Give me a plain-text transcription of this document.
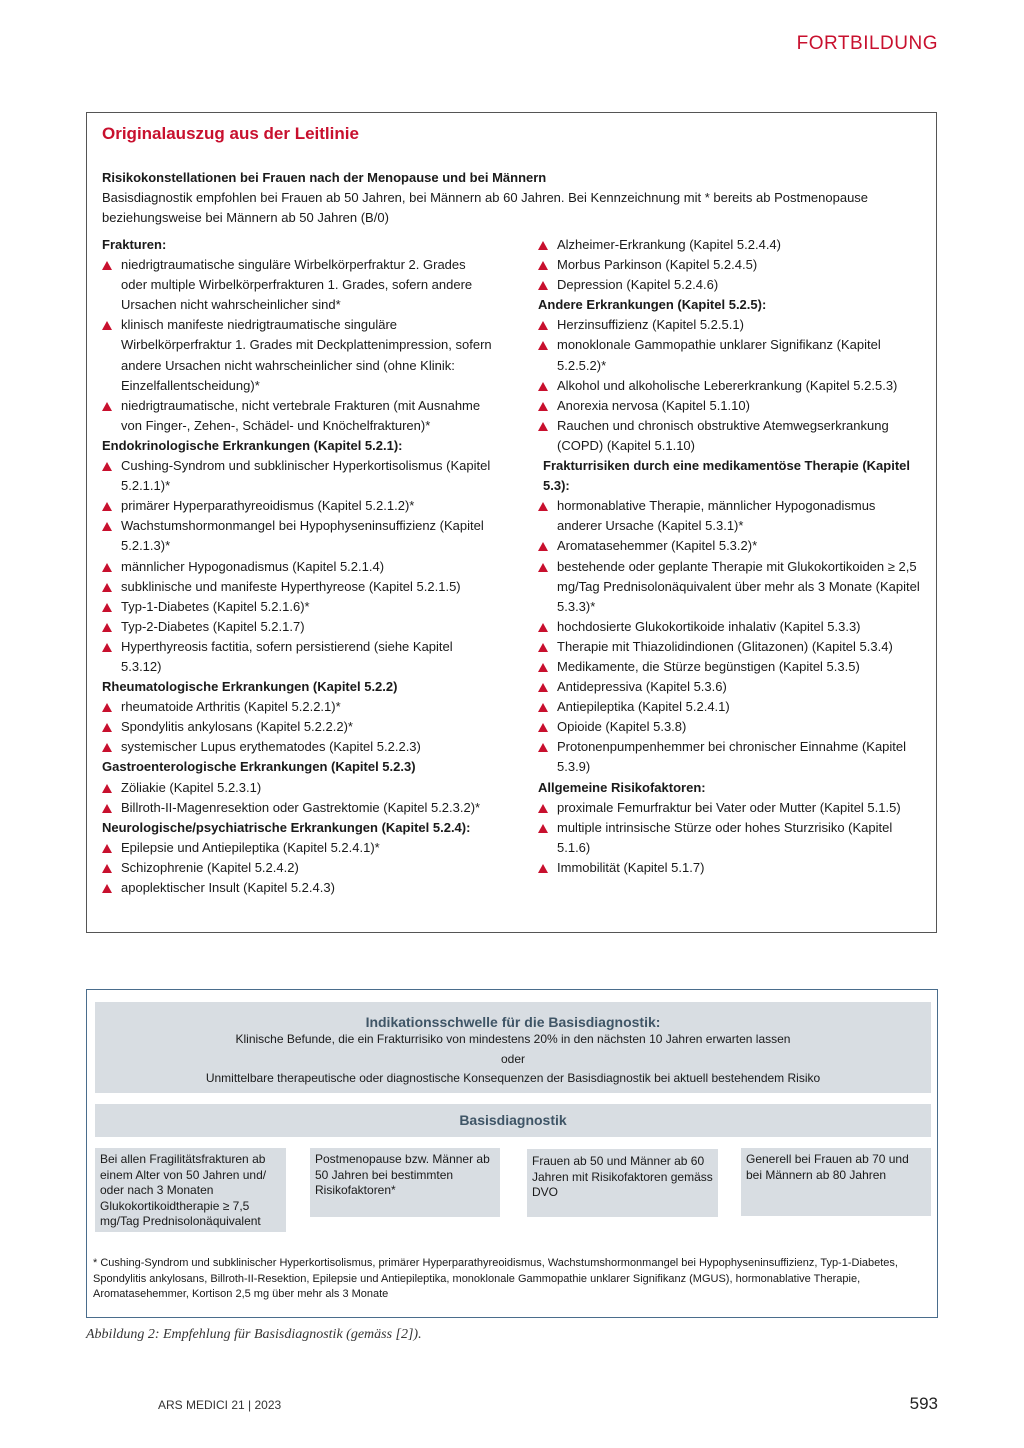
FORTBILDUNG
Originalauszug aus der Leitlinie
Risikokonstellationen bei Frauen nach der Menopause und bei Männern
Basisdiagnostik empfohlen bei Frauen ab 50 Jahren, bei Männern ab 60 Jahren. Bei Kennzeichnung mit * bereits ab Postmenopause beziehungsweise bei Männern ab 50 Jahren (B/0)
Frakturen:
niedrigtraumatische singuläre Wirbelkörperfraktur 2. Grades oder multiple Wirbelkörperfrakturen 1. Grades, sofern andere Ursachen nicht wahrscheinlicher sind*
klinisch manifeste niedrigtraumatische singuläre Wirbelkörperfraktur 1. Grades mit Deckplattenimpression, sofern andere Ursachen nicht wahrscheinlicher sind (ohne Klinik: Einzelfallentscheidung)*
niedrigtraumatische, nicht vertebrale Frakturen (mit Ausnahme von Finger-, Zehen-, Schädel- und Knöchelfrakturen)*
Endokrinologische Erkrankungen (Kapitel 5.2.1):
Cushing-Syndrom und subklinischer Hyperkortisolismus (Kapitel 5.2.1.1)*
primärer Hyperparathyreoidismus (Kapitel 5.2.1.2)*
Wachstumshormonmangel bei Hypophyseninsuffizienz (Kapitel 5.2.1.3)*
männlicher Hypogonadismus (Kapitel 5.2.1.4)
subklinische und manifeste Hyperthyreose (Kapitel 5.2.1.5)
Typ-1-Diabetes (Kapitel 5.2.1.6)*
Typ-2-Diabetes (Kapitel 5.2.1.7)
Hyperthyreosis factitia, sofern persistierend (siehe Kapitel 5.3.12)
Rheumatologische Erkrankungen (Kapitel 5.2.2)
rheumatoide Arthritis (Kapitel 5.2.2.1)*
Spondylitis ankylosans (Kapitel 5.2.2.2)*
systemischer Lupus erythematodes (Kapitel 5.2.2.3)
Gastroenterologische Erkrankungen (Kapitel 5.2.3)
Zöliakie (Kapitel 5.2.3.1)
Billroth-II-Magenresektion oder Gastrektomie (Kapitel 5.2.3.2)*
Neurologische/psychiatrische Erkrankungen (Kapitel 5.2.4):
Epilepsie und Antiepileptika (Kapitel 5.2.4.1)*
Schizophrenie (Kapitel 5.2.4.2)
apoplektischer Insult (Kapitel 5.2.4.3)
Alzheimer-Erkrankung (Kapitel 5.2.4.4)
Morbus Parkinson (Kapitel 5.2.4.5)
Depression (Kapitel 5.2.4.6)
Andere Erkrankungen (Kapitel 5.2.5):
Herzinsuffizienz (Kapitel 5.2.5.1)
monoklonale Gammopathie unklarer Signifikanz (Kapitel 5.2.5.2)*
Alkohol und alkoholische Lebererkrankung (Kapitel 5.2.5.3)
Anorexia nervosa (Kapitel 5.1.10)
Rauchen und chronisch obstruktive Atemwegserkrankung (COPD) (Kapitel 5.1.10)
Frakturrisiken durch eine medikamentöse Therapie (Kapitel 5.3):
hormonablative Therapie, männlicher Hypogonadismus anderer Ursache (Kapitel 5.3.1)*
Aromatasehemmer (Kapitel 5.3.2)*
bestehende oder geplante Therapie mit Glukokortikoiden ≥ 2,5 mg/Tag Prednisolonäquivalent über mehr als 3 Monate (Kapitel 5.3.3)*
hochdosierte Glukokortikoide inhalativ (Kapitel 5.3.3)
Therapie mit Thiazolidindionen (Glitazonen) (Kapitel 5.3.4)
Medikamente, die Stürze begünstigen (Kapitel 5.3.5)
Antidepressiva (Kapitel 5.3.6)
Antiepileptika (Kapitel 5.2.4.1)
Opioide (Kapitel 5.3.8)
Protonenpumpenhemmer bei chronischer Einnahme (Kapitel 5.3.9)
Allgemeine Risikofaktoren:
proximale Femurfraktur bei Vater oder Mutter (Kapitel 5.1.5)
multiple intrinsische Stürze oder hohes Sturzrisiko (Kapitel 5.1.6)
Immobilität (Kapitel 5.1.7)
Indikationsschwelle für die Basisdiagnostik:
Klinische Befunde, die ein Frakturrisiko von mindestens 20% in den nächsten 10 Jahren erwarten lassen
oder
Unmittelbare therapeutische oder diagnostische Konsequenzen der Basisdiagnostik bei aktuell bestehendem Risiko
Basisdiagnostik
Bei allen Fragilitätsfrakturen ab einem Alter von 50 Jahren und/ oder nach 3 Monaten Glukokortikoidtherapie ≥ 7,5 mg/Tag Prednisolonäquivalent
Postmenopause bzw. Männer ab 50 Jahren bei bestimmten Risikofaktoren*
Frauen ab 50 und Männer ab 60 Jahren mit Risikofaktoren gemäss DVO
Generell bei Frauen ab 70 und bei Männern ab 80 Jahren
* Cushing-Syndrom und subklinischer Hyperkortisolismus, primärer Hyperparathyreoidismus, Wachstumshormonmangel bei Hypophyseninsuffizienz, Typ-1-Diabetes, Spondylitis ankylosans, Billroth-II-Resektion, Epilepsie und Antiepileptika, monoklonale Gammopathie unklarer Signifikanz (MGUS), hormonablative Therapie, Aromatasehemmer, Kortison 2,5 mg über mehr als 3 Monate
Abbildung 2: Empfehlung für Basisdiagnostik (gemäss [2]).
ARS MEDICI 21 | 2023	593
